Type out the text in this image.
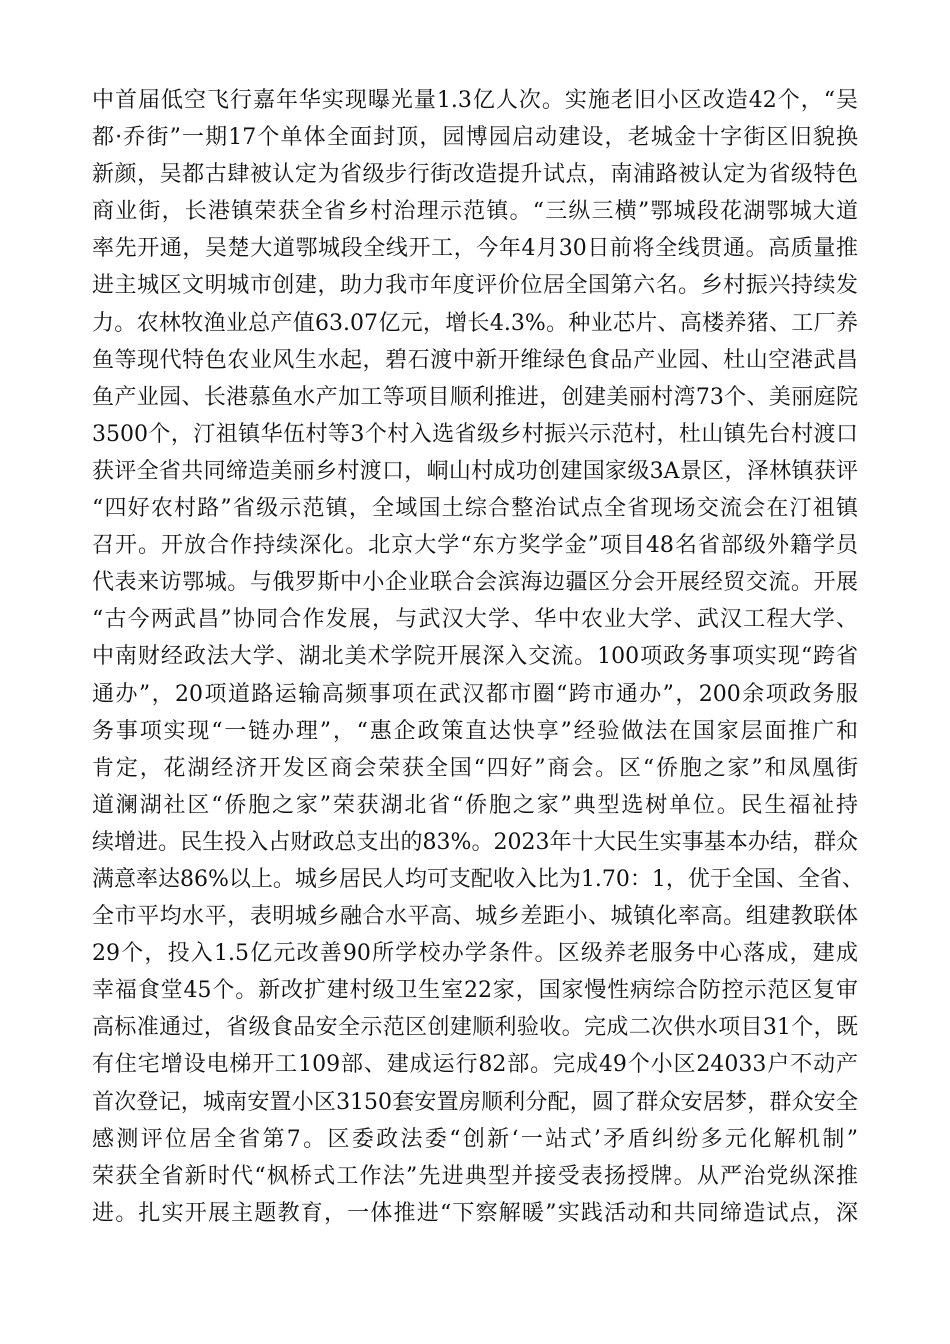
中首届低空飞行嘉年华实现曝光量1.3亿人次。实施老旧小区改造42个，“吴
都·乔街”一期17个单体全面封顶，园博园启动建设，老城金十字街区旧貌换
新颜，吴都古肆被认定为省级步行街改造提升试点，南浦路被认定为省级特色
商业街，长港镇荣获全省乡村治理示范镇。“三纵三横”鄂城段花湖鄂城大道
率先开通，吴楚大道鄂城段全线开工，今年4月30日前将全线贯通。高质量推
进主城区文明城市创建，助力我市年度评价位居全国第六名。乡村振兴持续发
力。农林牧渔业总产值63.07亿元，增长4.3%。种业芯片、高楼养猪、工厂养
鱼等现代特色农业风生水起，碧石渡中新开维绿色食品产业园、杜山空港武昌
鱼产业园、长港慕鱼水产加工等项目顺利推进，创建美丽村湾73个、美丽庭院
3500个，汀祖镇华伍村等3个村入选省级乡村振兴示范村，杜山镇先台村渡口
获评全省共同缔造美丽乡村渡口，峒山村成功创建国家级3A景区，泽林镇获评
“四好农村路”省级示范镇，全域国土综合整治试点全省现场交流会在汀祖镇
召开。开放合作持续深化。北京大学“东方奖学金”项目48名省部级外籍学员
代表来访鄂城。与俄罗斯中小企业联合会滨海边疆区分会开展经贸交流。开展
“古今两武昌”协同合作发展，与武汉大学、华中农业大学、武汉工程大学、
中南财经政法大学、湖北美术学院开展深入交流。100项政务事项实现“跨省
通办”，20项道路运输高频事项在武汉都市圈“跨市通办”，200余项政务服
务事项实现“一链办理”，“惠企政策直达快享”经验做法在国家层面推广和
肯定，花湖经济开发区商会荣获全国“四好”商会。区“侨胞之家”和凤凰街
道澜湖社区“侨胞之家”荣获湖北省“侨胞之家”典型选树单位。民生福祉持
续增进。民生投入占财政总支出的83%。2023年十大民生实事基本办结，群众
满意率达86%以上。城乡居民人均可支配收入比为1.70：1，优于全国、全省、
全市平均水平，表明城乡融合水平高、城乡差距小、城镇化率高。组建教联体
29个，投入1.5亿元改善90所学校办学条件。区级养老服务中心落成，建成
幸福食堂45个。新改扩建村级卫生室22家，国家慢性病综合防控示范区复审
高标准通过，省级食品安全示范区创建顺利验收。完成二次供水项目31个，既
有住宅增设电梯开工109部、建成运行82部。完成49个小区24033户不动产
首次登记，城南安置小区3150套安置房顺利分配，圆了群众安居梦，群众安全
感测评位居全省第7。区委政法委“创新‘一站式’矛盾纠纷多元化解机制”
荣获全省新时代“枫桥式工作法”先进典型并接受表扬授牌。从严治党纵深推
进。扎实开展主题教育，一体推进“下察解暖”实践活动和共同缔造试点，深
